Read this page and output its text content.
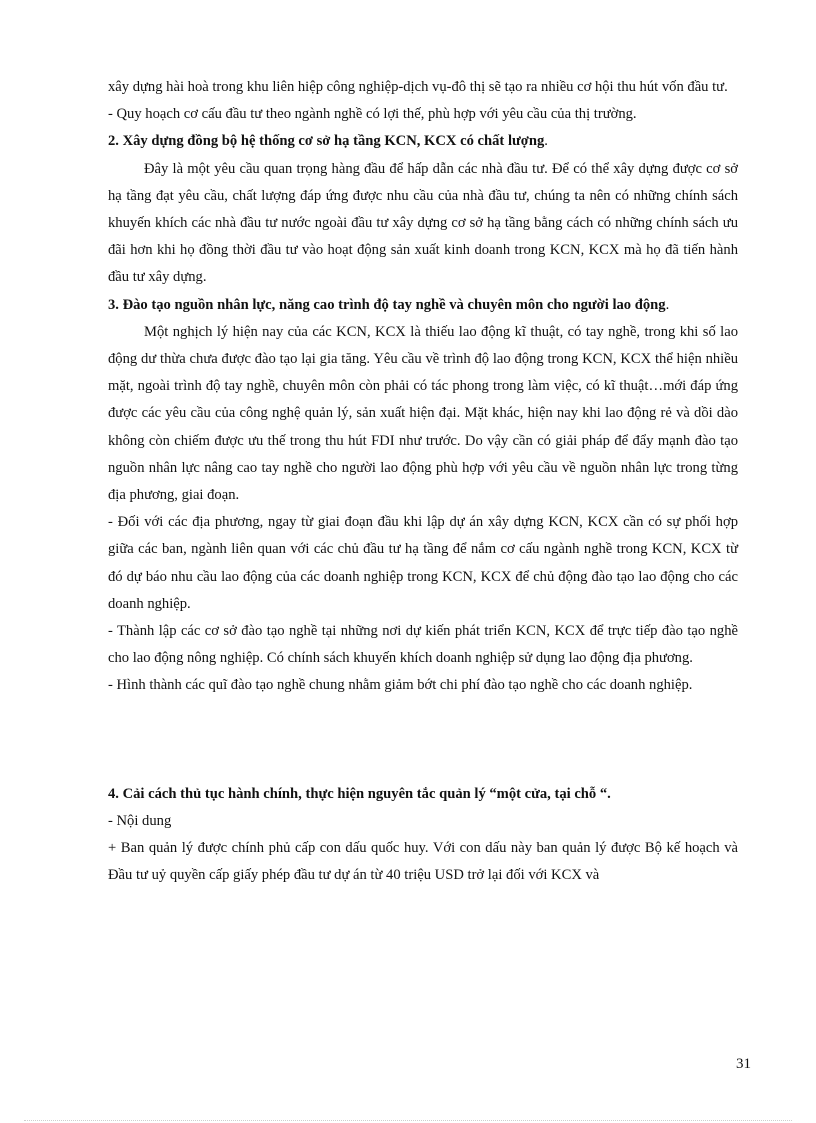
xây dựng hài hoà trong khu liên hiệp công nghiệp-dịch vụ-đô thị sẽ tạo ra nhiều cơ hội thu hút vốn đầu tư.

- Quy hoạch cơ cấu đầu tư theo ngành nghề có lợi thế, phù hợp với yêu cầu của thị trường.

2. Xây dựng đồng bộ hệ thống cơ sở hạ tầng KCN, KCX có chất lượng.

Đây là một yêu cầu quan trọng hàng đầu để hấp dẫn các nhà đầu tư. Để có thể xây dựng được cơ sở hạ tầng đạt yêu cầu, chất lượng đáp ứng được nhu cầu của nhà đầu tư, chúng ta nên có những chính sách khuyến khích các nhà đầu tư nước ngoài đầu tư xây dựng cơ sở hạ tầng bằng cách có những chính sách ưu đãi hơn khi họ đồng thời đầu tư vào hoạt động sản xuất kinh doanh trong KCN, KCX mà họ đã tiến hành đầu tư xây dựng.

3. Đào tạo nguồn nhân lực, năng cao trình độ tay nghề và chuyên môn cho người lao động.

Một nghịch lý hiện nay của các KCN, KCX là thiếu lao động kĩ thuật, có tay nghề, trong khi số lao động dư thừa chưa được đào tạo lại gia tăng. Yêu cầu về trình độ lao động trong KCN, KCX thể hiện nhiều mặt, ngoài trình độ tay nghề, chuyên môn còn phải có tác phong trong làm việc, có kĩ thuật…mới đáp ứng được các yêu cầu của công nghệ quản lý, sản xuất hiện đại. Mặt khác, hiện nay khi lao động rẻ và dồi dào không còn chiếm được ưu thế trong thu hút FDI như trước. Do vậy cần có giải pháp để đẩy mạnh đào tạo nguồn nhân lực nâng cao tay nghề cho người lao động phù hợp với yêu cầu về nguồn nhân lực trong từng địa phương, giai đoạn.

- Đối với các địa phương, ngay từ giai đoạn đầu khi lập dự án xây dựng KCN, KCX cần có sự phối hợp giữa các ban, ngành liên quan với các chủ đầu tư hạ tầng để nắm cơ cấu ngành nghề trong KCN, KCX từ đó dự báo nhu cầu lao động của các doanh nghiệp trong KCN, KCX để chủ động đào tạo lao động cho các doanh nghiệp.

- Thành lập các cơ sở đào tạo nghề tại những nơi dự kiến phát triển KCN, KCX để trực tiếp đào tạo nghề cho lao động nông nghiệp. Có chính sách khuyến khích doanh nghiệp sử dụng lao động địa phương.

- Hình thành các quĩ đào tạo nghề chung nhằm giảm bớt chi phí đào tạo nghề cho các doanh nghiệp.

4. Cải cách thủ tục hành chính, thực hiện nguyên tắc quản lý “một cửa, tại chỗ “.

- Nội dung

+ Ban quản lý được chính phủ cấp con dấu quốc huy. Với con dấu này ban quản lý được Bộ kế hoạch và Đầu tư uỷ quyền cấp giấy phép đầu tư dự án từ 40 triệu USD trở lại đối với KCX và

31
